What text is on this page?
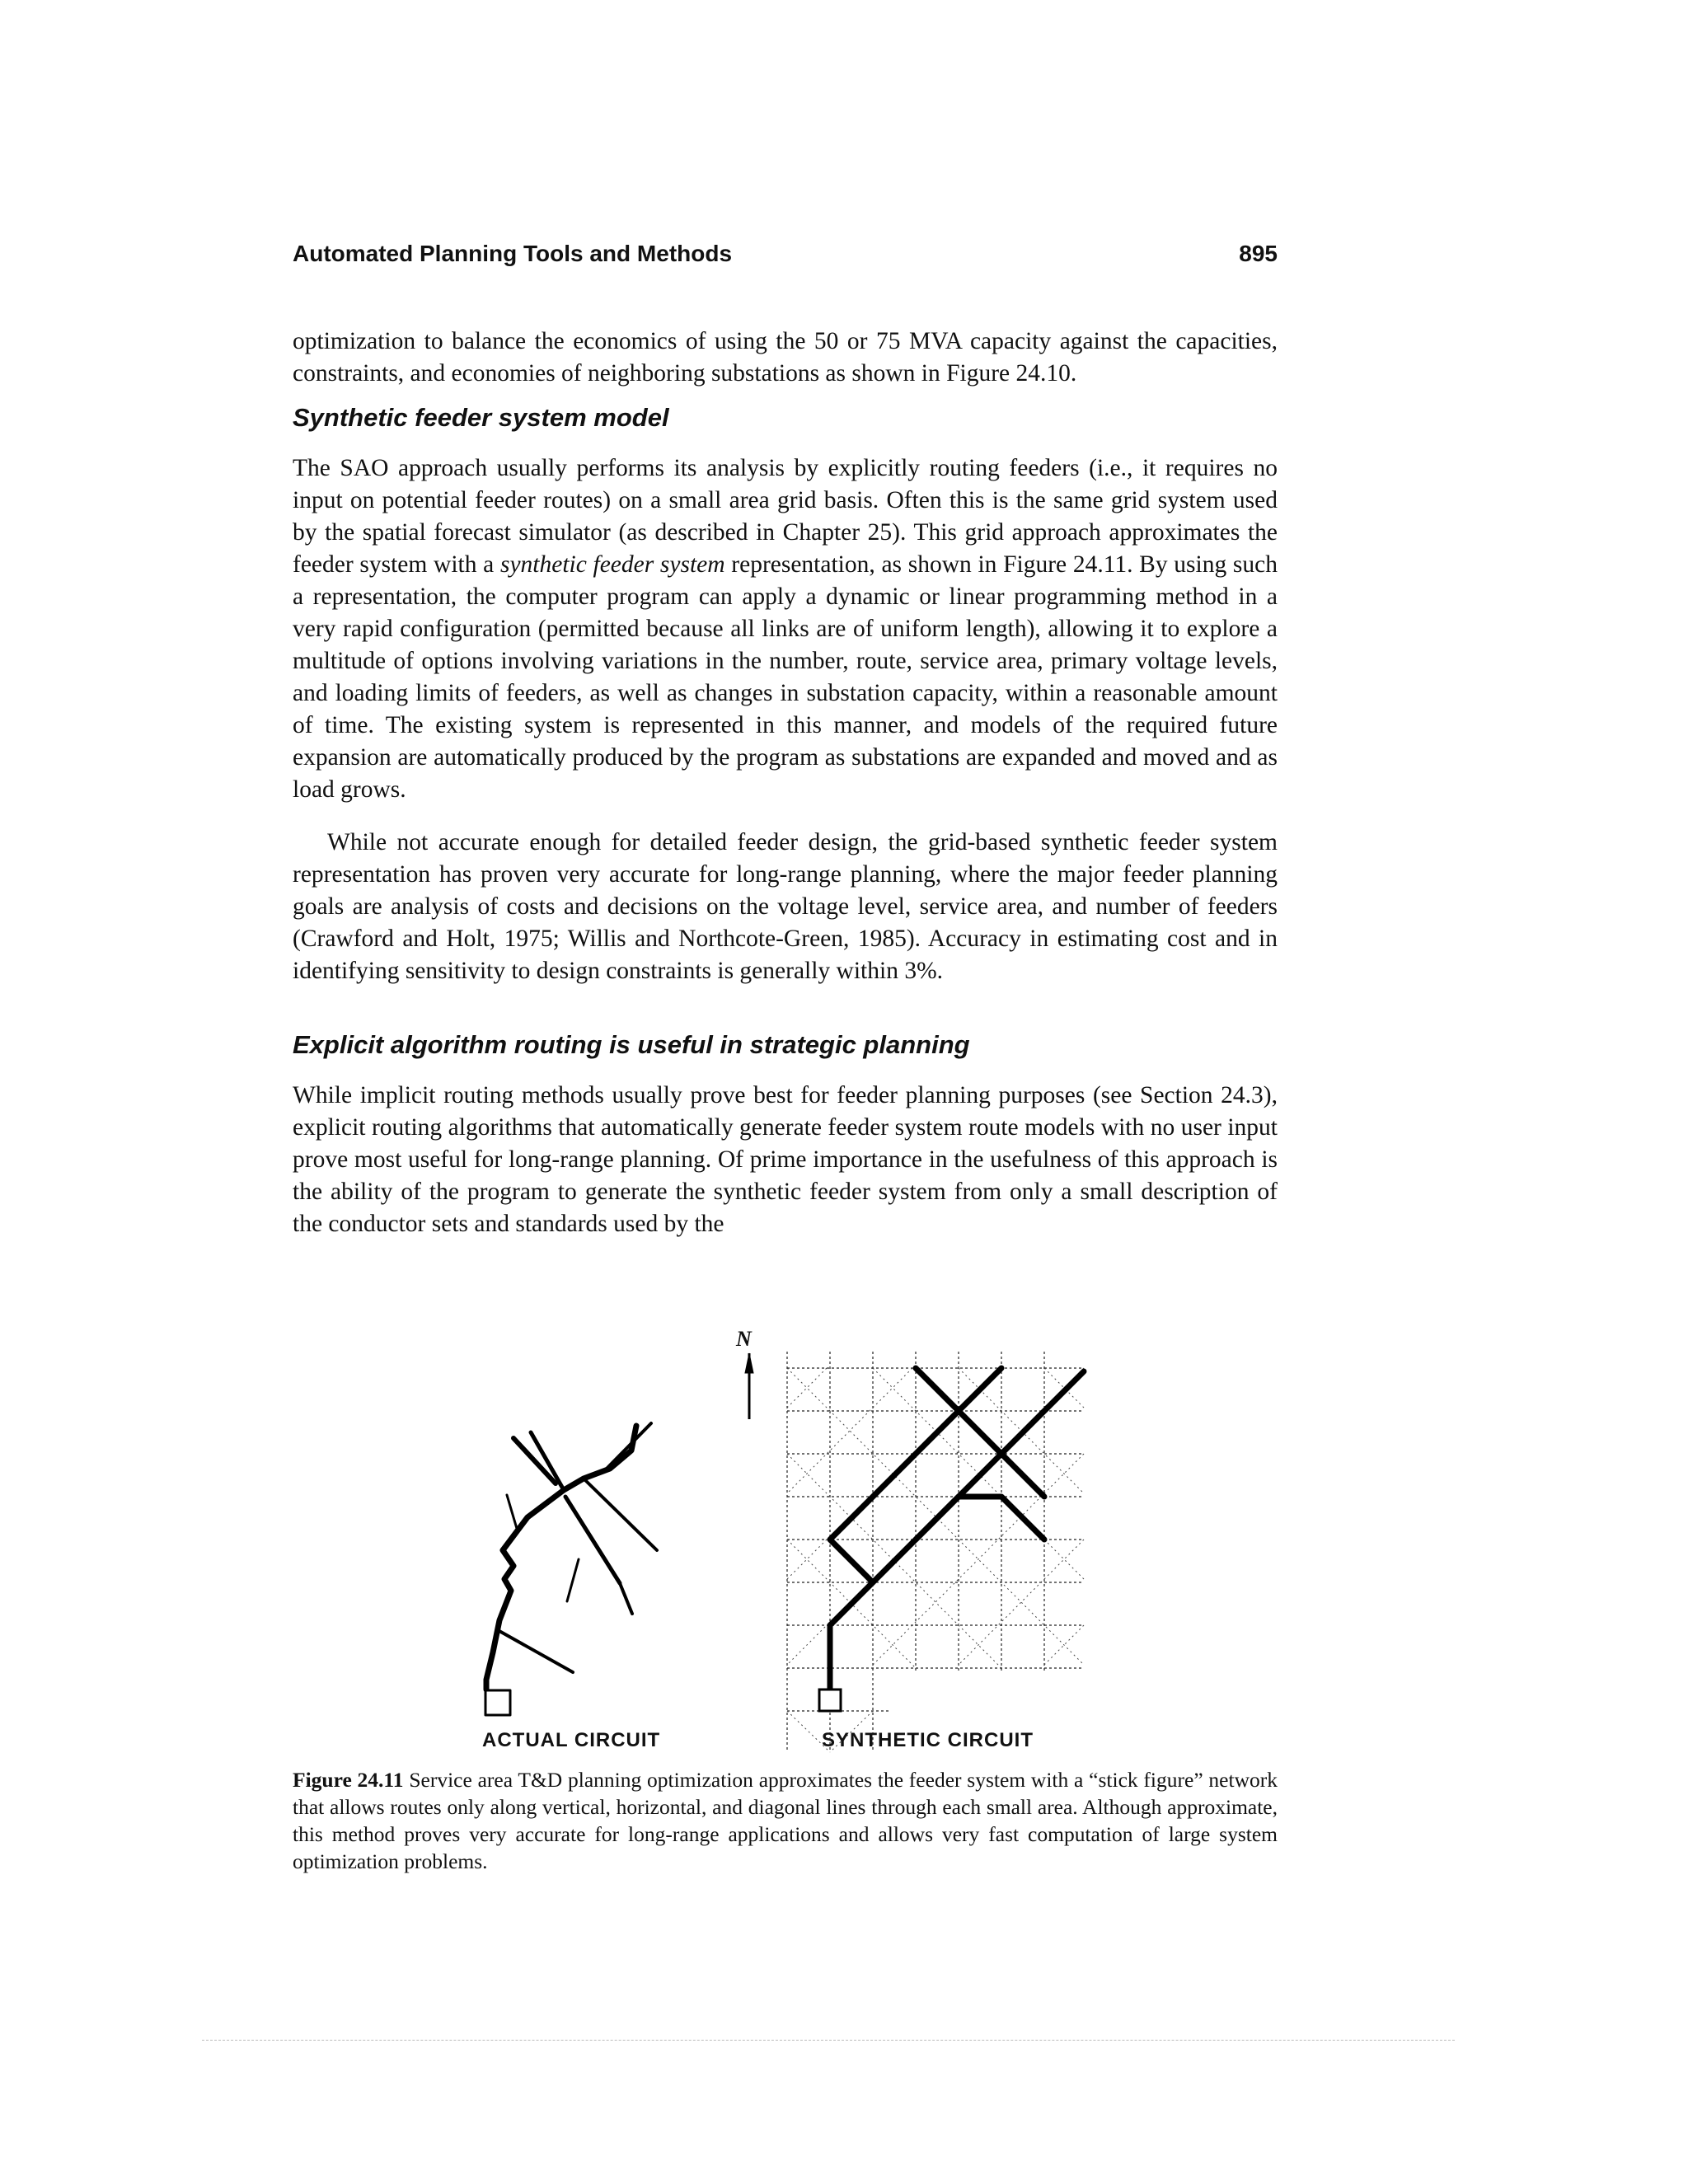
Automated Planning Tools and Methods	895

optimization to balance the economics of using the 50 or 75 MVA capacity against the capacities, constraints, and economies of neighboring substations as shown in Figure 24.10.

Synthetic feeder system model

The SAO approach usually performs its analysis by explicitly routing feeders (i.e., it requires no input on potential feeder routes) on a small area grid basis. Often this is the same grid system used by the spatial forecast simulator (as described in Chapter 25). This grid approach approximates the feeder system with a synthetic feeder system representation, as shown in Figure 24.11. By using such a representation, the computer program can apply a dynamic or linear programming method in a very rapid configuration (permitted because all links are of uniform length), allowing it to explore a multitude of options involving variations in the number, route, service area, primary voltage levels, and loading limits of feeders, as well as changes in substation capacity, within a reasonable amount of time. The existing system is represented in this manner, and models of the required future expansion are automatically produced by the program as substations are expanded and moved and as load grows.

While not accurate enough for detailed feeder design, the grid-based synthetic feeder system representation has proven very accurate for long-range planning, where the major feeder planning goals are analysis of costs and decisions on the voltage level, service area, and number of feeders (Crawford and Holt, 1975; Willis and Northcote-Green, 1985). Accuracy in estimating cost and in identifying sensitivity to design constraints is generally within 3%.

Explicit algorithm routing is useful in strategic planning

While implicit routing methods usually prove best for feeder planning purposes (see Section 24.3), explicit routing algorithms that automatically generate feeder system route models with no user input prove most useful for long-range planning. Of prime importance in the usefulness of this approach is the ability of the program to generate the synthetic feeder system from only a small description of the conductor sets and standards used by the

N
ACTUAL CIRCUIT	SYNTHETIC CIRCUIT

Figure 24.11 Service area T&D planning optimization approximates the feeder system with a “stick figure” network that allows routes only along vertical, horizontal, and diagonal lines through each small area. Although approximate, this method proves very accurate for long-range applications and allows very fast computation of large system optimization problems.
